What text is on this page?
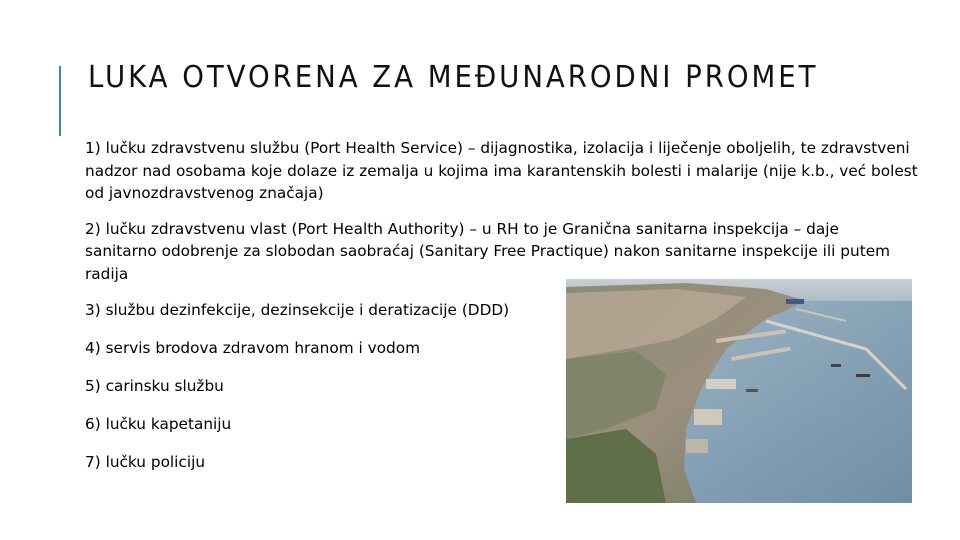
LUKA OTVORENA ZA MEĐUNARODNI PROMET
1) lučku zdravstvenu službu (Port Health Service) – dijagnostika, izolacija i liječenje oboljelih, te zdravstveni nadzor nad osobama koje dolaze iz zemalja u kojima ima karantenskih bolesti i malarije (nije k.b., već bolest od javnozdravstvenog značaja)
2) lučku zdravstvenu vlast (Port Health Authority) – u RH to je Granična sanitarna inspekcija – daje sanitarno odobrenje za slobodan saobraćaj (Sanitary Free Practique) nakon sanitarne inspekcije ili putem radija
3) službu dezinfekcije, dezinsekcije i deratizacije (DDD)
4) servis brodova zdravom hranom i vodom
5) carinsku službu
6) lučku kapetaniju
7) lučku policiju
